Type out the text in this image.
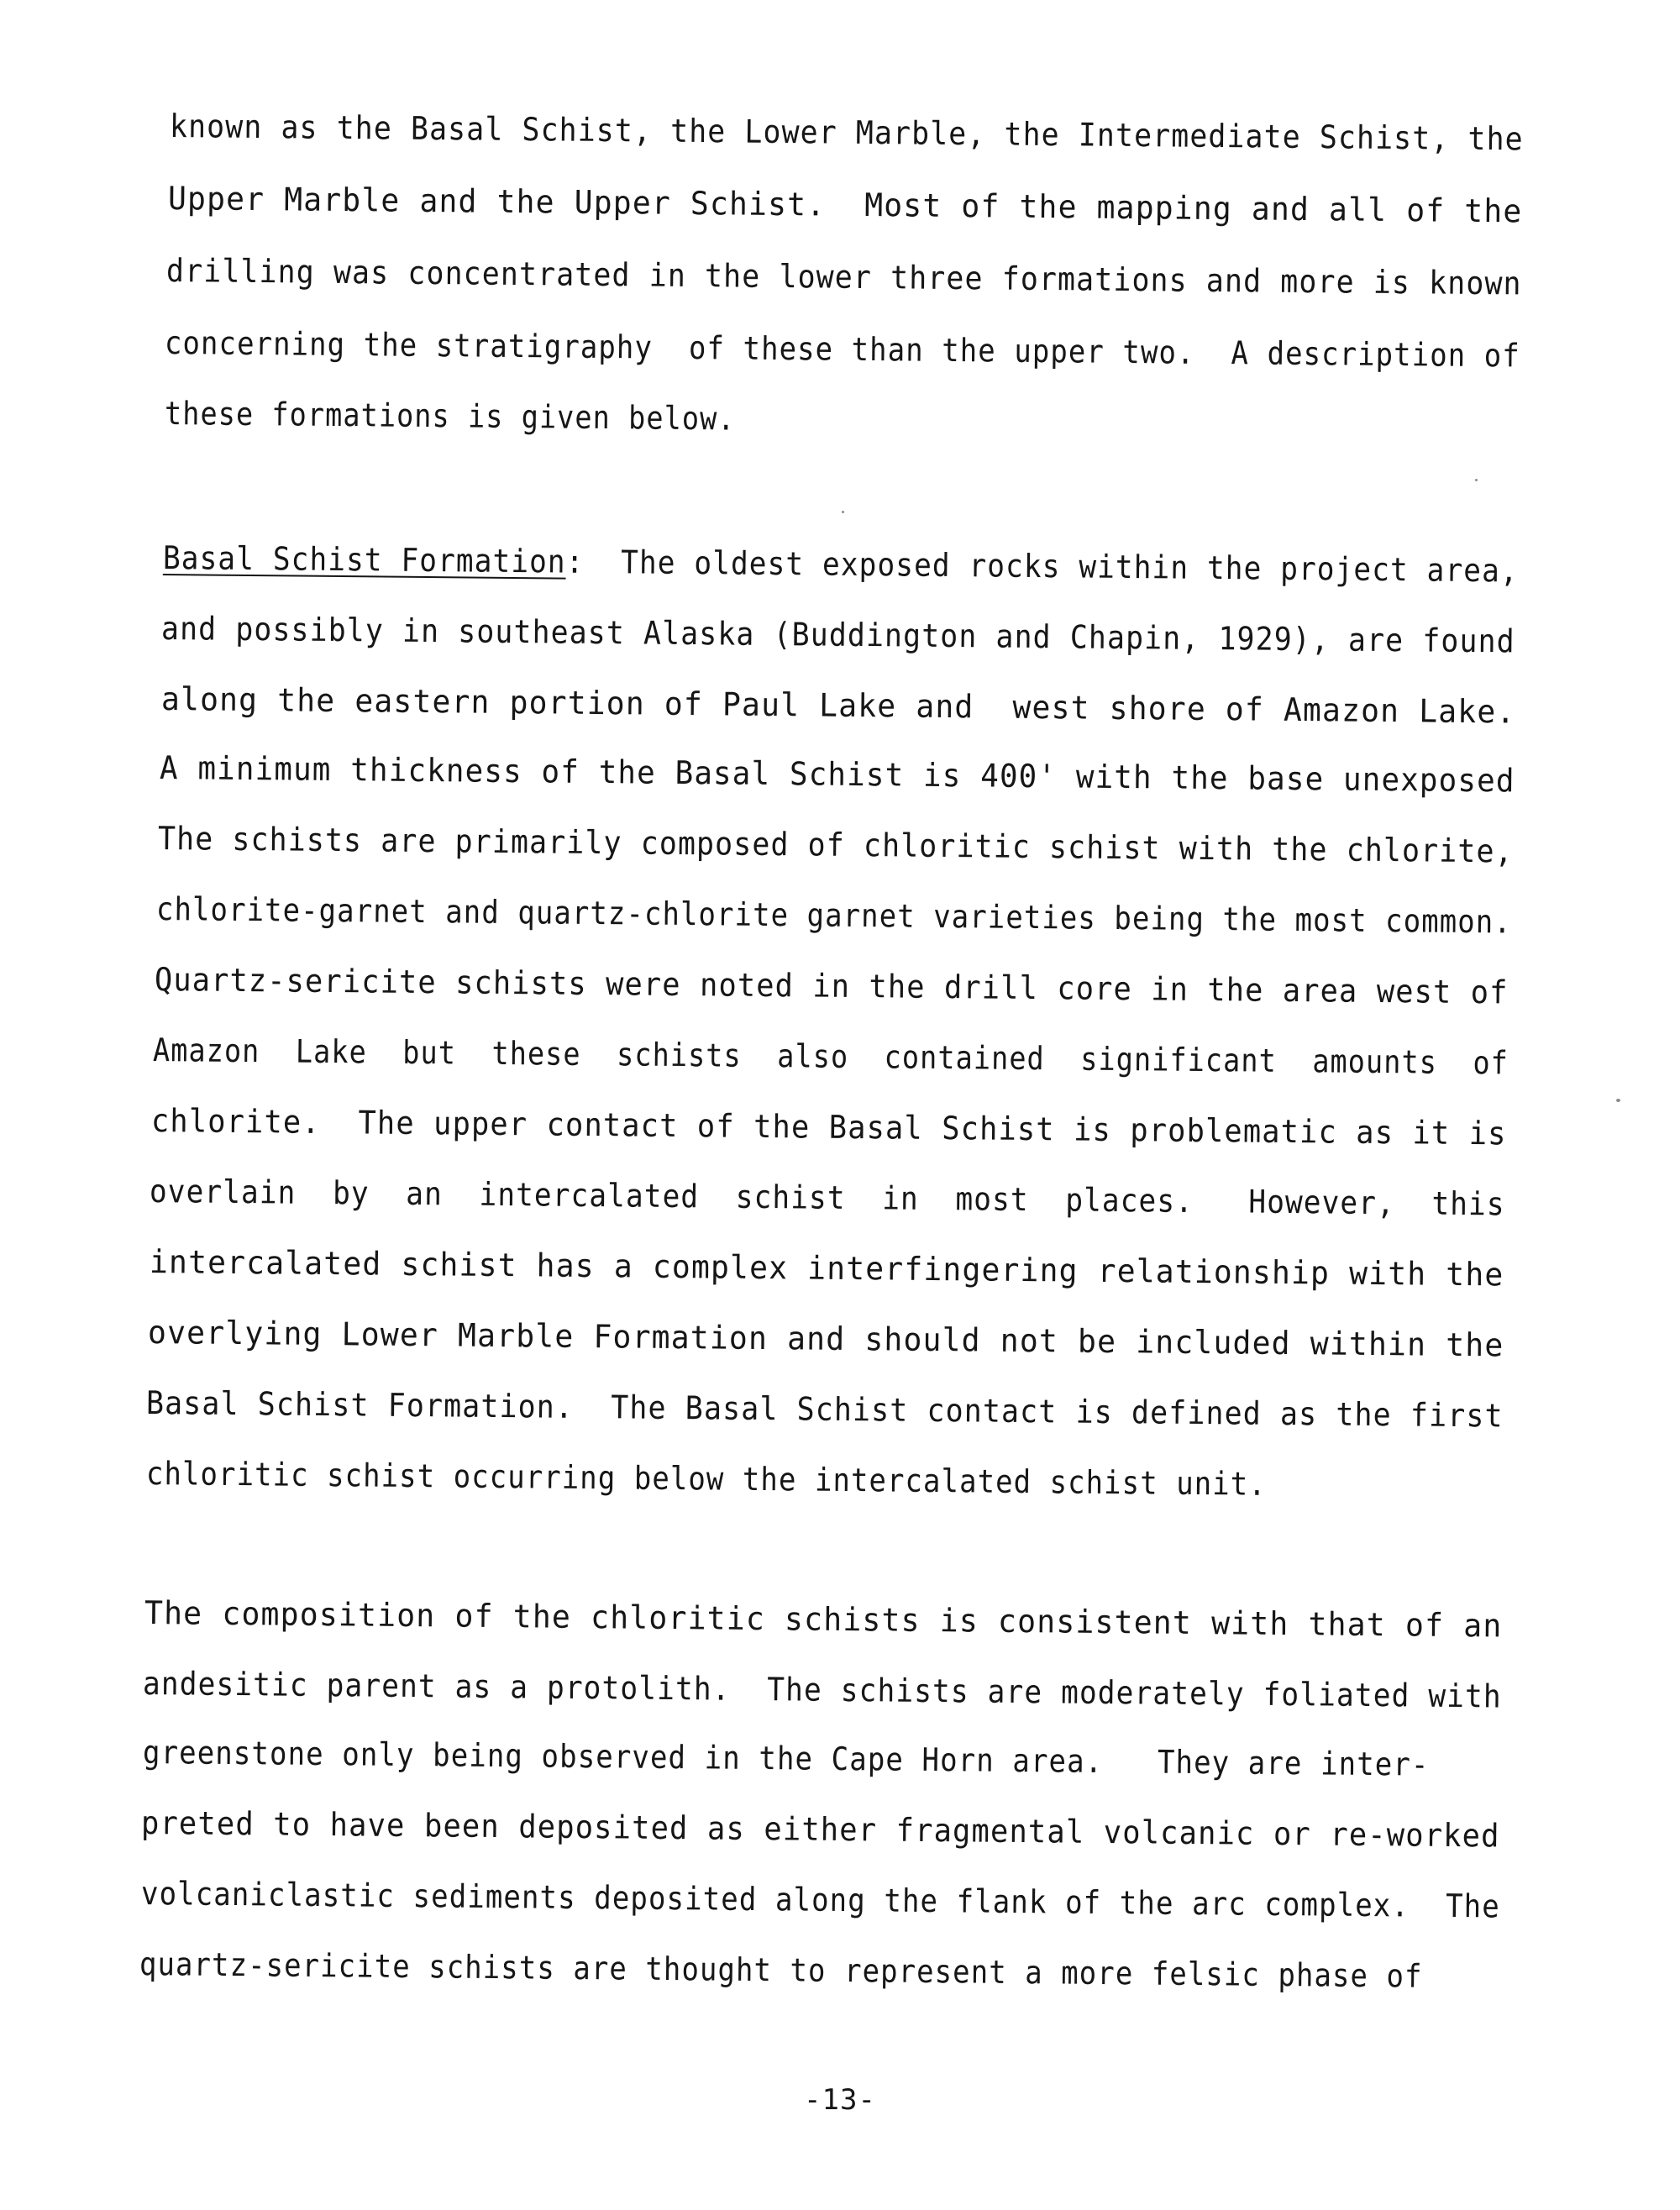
known as the Basal Schist, the Lower Marble, the Intermediate Schist, the
Upper Marble and the Upper Schist.  Most of the mapping and all of the
drilling was concentrated in the lower three formations and more is known
concerning the stratigraphy  of these than the upper two.  A description of
these formations is given below.
Basal Schist Formation:  The oldest exposed rocks within the project area,
and possibly in southeast Alaska (Buddington and Chapin, 1929), are found
along the eastern portion of Paul Lake and  west shore of Amazon Lake.
A minimum thickness of the Basal Schist is 400' with the base unexposed
The schists are primarily composed of chloritic schist with the chlorite,
chlorite-garnet and quartz-chlorite garnet varieties being the most common.
Quartz-sericite schists were noted in the drill core in the area west of
Amazon  Lake  but  these  schists  also  contained  significant  amounts  of
chlorite.  The upper contact of the Basal Schist is problematic as it is
overlain  by  an  intercalated  schist  in  most  places.   However,  this
intercalated schist has a complex interfingering relationship with the
overlying Lower Marble Formation and should not be included within the
Basal Schist Formation.  The Basal Schist contact is defined as the first
chloritic schist occurring below the intercalated schist unit.
The composition of the chloritic schists is consistent with that of an
andesitic parent as a protolith.  The schists are moderately foliated with
greenstone only being observed in the Cape Horn area.   They are inter-
preted to have been deposited as either fragmental volcanic or re-worked
volcaniclastic sediments deposited along the flank of the arc complex.  The
quartz-sericite schists are thought to represent a more felsic phase of
-13-
